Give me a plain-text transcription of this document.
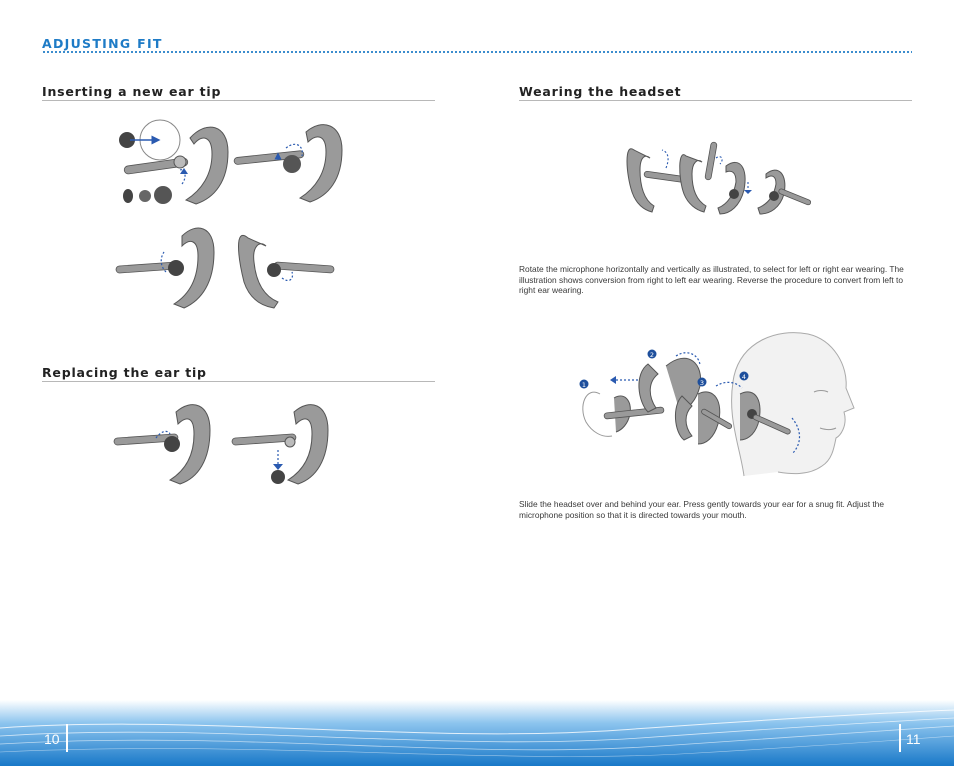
ADJUSTING FIT
Inserting a new ear tip
Replacing the ear tip
Wearing the headset
Rotate the microphone horizontally and vertically as illustrated, to select for left or right ear wearing. The illustration shows conversion from right to left ear wearing. Reverse the procedure to convert from left to right ear wearing.
1
2
3
4
Slide the headset over and behind your ear. Press gently towards your ear for a snug fit. Adjust the microphone position so that it is directed towards your mouth.
10	11
